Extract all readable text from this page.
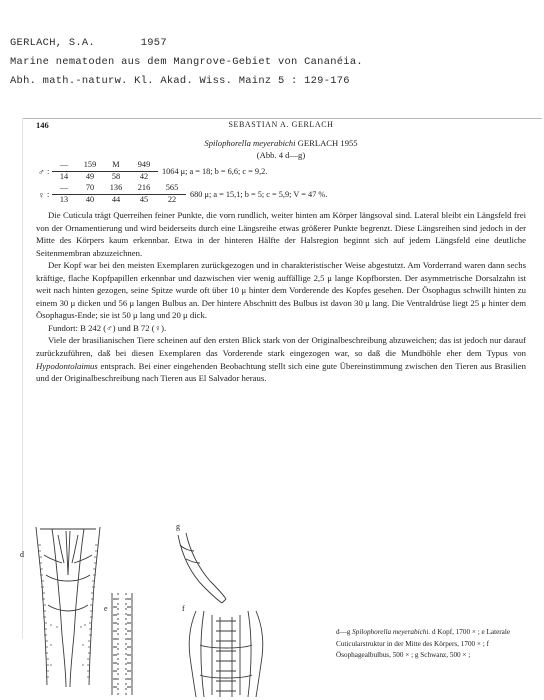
GERLACH, S.A.       1957
Marine nematoden aus dem Mangrove-Gebiet von Cananéia.
Abh. math.-naturw. Kl. Akad. Wiss. Mainz 5 : 129-176
146	SEBASTIAN A. GERLACH
Spilophorella meyerabichi GERLACH 1955
(Abb. 4 d—g)
♂ :
—	159	M	949
14	49	58	42
1064 μ; a = 18; b = 6,6; c = 9,2.
♀ :
—	70	136	216	565
13	40	44	45	22
680 μ; a = 15,1; b = 5; c = 5,9; V = 47 %.

Die Cuticula trägt Querreihen feiner Punkte, die vorn rundlich, weiter hinten am Körper längsoval sind. Lateral bleibt ein Längsfeld frei von der Ornamentierung und wird beiderseits durch eine Längsreihe etwas größerer Punkte begrenzt. Diese Längsreihen sind jedoch in der Mitte des Körpers kaum erkennbar. Etwa in der hinteren Hälfte der Halsregion beginnt sich auf jedem Längsfeld eine deutliche Seitenmembran abzuzeichnen.

Der Kopf war bei den meisten Exemplaren zurückgezogen und in charakteristischer Weise abgestutzt. Am Vorderrand waren dann sechs kräftige, flache Kopfpapillen erkennbar und dazwischen vier wenig auffällige 2,5 μ lange Kopfborsten. Der asymmetrische Dorsalzahn ist weit nach hinten gezogen, seine Spitze wurde oft über 10 μ hinter dem Vorderende des Kopfes gesehen. Der Ösophagus schwillt hinten zu einem 30 μ dicken und 56 μ langen Bulbus an. Der hintere Abschnitt des Bulbus ist davon 30 μ lang. Die Ventraldrüse liegt 25 μ hinter dem Ösophagus-Ende; sie ist 50 μ lang und 20 μ dick.

Fundort: B 242 (♂) und B 72 (♀).

Viele der brasilianischen Tiere scheinen auf den ersten Blick stark von der Originalbeschreibung abzuweichen; das ist jedoch nur darauf zurückzuführen, daß bei diesen Exemplaren das Vorderende stark eingezogen war, so daß die Mundhöhle eher dem Typus von Hypodontolaimus entsprach. Bei einer eingehenden Beobachtung stellt sich eine gute Übereinstimmung zwischen den Tieren aus Brasilien und der Originalbeschreibung nach Tieren aus El Salvador heraus.

d
e	f
g
d—g Spilophorella meyerabichi. d Kopf, 1700 × ; e Laterale Cuticularstruktur in der Mitte des Körpers, 1700 × ; f Ösophagealbulbus, 500 × ; g Schwanz, 500 × ;
